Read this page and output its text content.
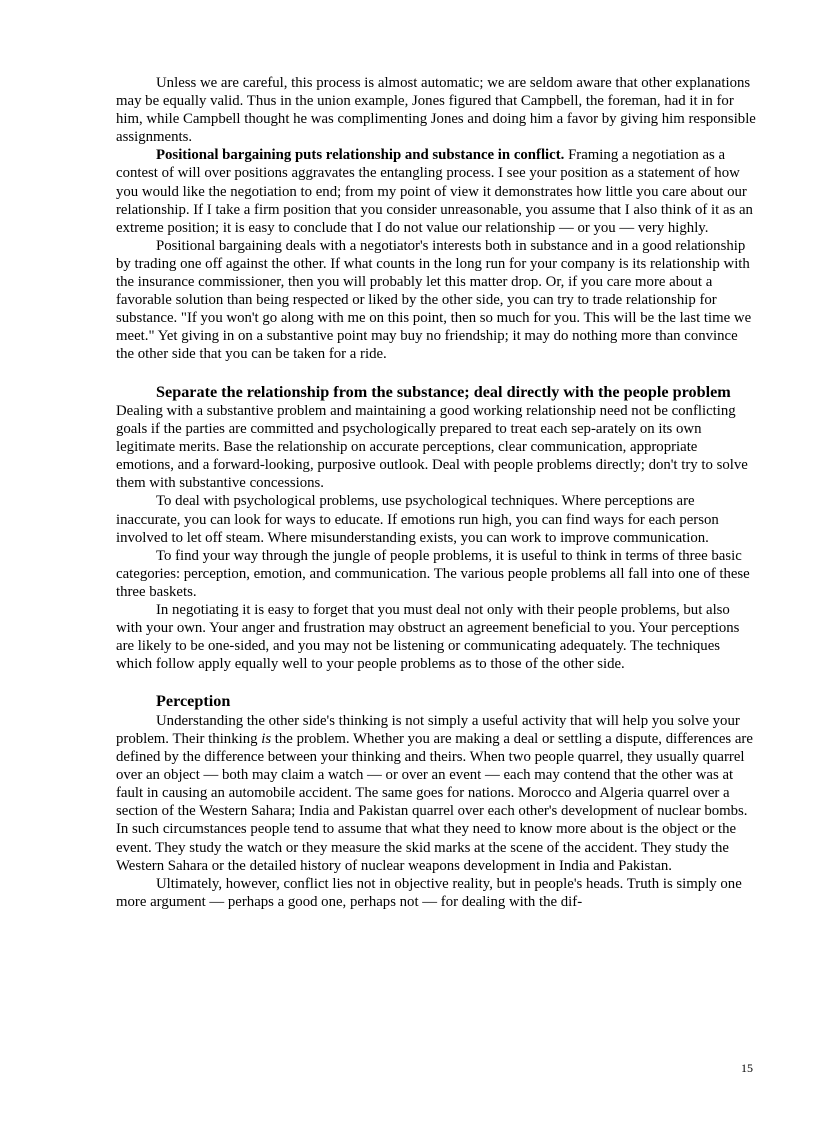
Unless we are careful, this process is almost automatic; we are seldom aware that other explanations may be equally valid. Thus in the union example, Jones figured that Campbell, the foreman, had it in for him, while Campbell thought he was complimenting Jones and doing him a favor by giving him responsible assignments.

Positional bargaining puts relationship and substance in conflict. Framing a negotiation as a contest of will over positions aggravates the entangling process. I see your position as a statement of how you would like the negotiation to end; from my point of view it demonstrates how little you care about our relationship. If I take a firm position that you consider unreasonable, you assume that I also think of it as an extreme position; it is easy to conclude that I do not value our relationship — or you — very highly.

Positional bargaining deals with a negotiator's interests both in substance and in a good relationship by trading one off against the other. If what counts in the long run for your company is its relationship with the insurance commissioner, then you will probably let this matter drop. Or, if you care more about a favorable solution than being respected or liked by the other side, you can try to trade relationship for substance. "If you won't go along with me on this point, then so much for you. This will be the last time we meet." Yet giving in on a substantive point may buy no friendship; it may do nothing more than convince the other side that you can be taken for a ride.

Separate the relationship from the substance; deal directly with the people problem

Dealing with a substantive problem and maintaining a good working relationship need not be conflicting goals if the parties are committed and psychologically prepared to treat each sep-arately on its own legitimate merits. Base the relationship on accurate perceptions, clear communication, appropriate emotions, and a forward-looking, purposive outlook. Deal with people problems directly; don't try to solve them with substantive concessions.

To deal with psychological problems, use psychological techniques. Where perceptions are inaccurate, you can look for ways to educate. If emotions run high, you can find ways for each person involved to let off steam. Where misunderstanding exists, you can work to improve communication.

To find your way through the jungle of people problems, it is useful to think in terms of three basic categories: perception, emotion, and communication. The various people problems all fall into one of these three baskets.

In negotiating it is easy to forget that you must deal not only with their people problems, but also with your own. Your anger and frustration may obstruct an agreement beneficial to you. Your perceptions are likely to be one-sided, and you may not be listening or communicating adequately. The techniques which follow apply equally well to your people problems as to those of the other side.

Perception

Understanding the other side's thinking is not simply a useful activity that will help you solve your problem. Their thinking is the problem. Whether you are making a deal or settling a dispute, differences are defined by the difference between your thinking and theirs. When two people quarrel, they usually quarrel over an object — both may claim a watch — or over an event — each may contend that the other was at fault in causing an automobile accident. The same goes for nations. Morocco and Algeria quarrel over a section of the Western Sahara; India and Pakistan quarrel over each other's development of nuclear bombs. In such circumstances people tend to assume that what they need to know more about is the object or the event. They study the watch or they measure the skid marks at the scene of the accident. They study the Western Sahara or the detailed history of nuclear weapons development in India and Pakistan.

Ultimately, however, conflict lies not in objective reality, but in people's heads. Truth is simply one more argument — perhaps a good one, perhaps not — for dealing with the dif-

15
